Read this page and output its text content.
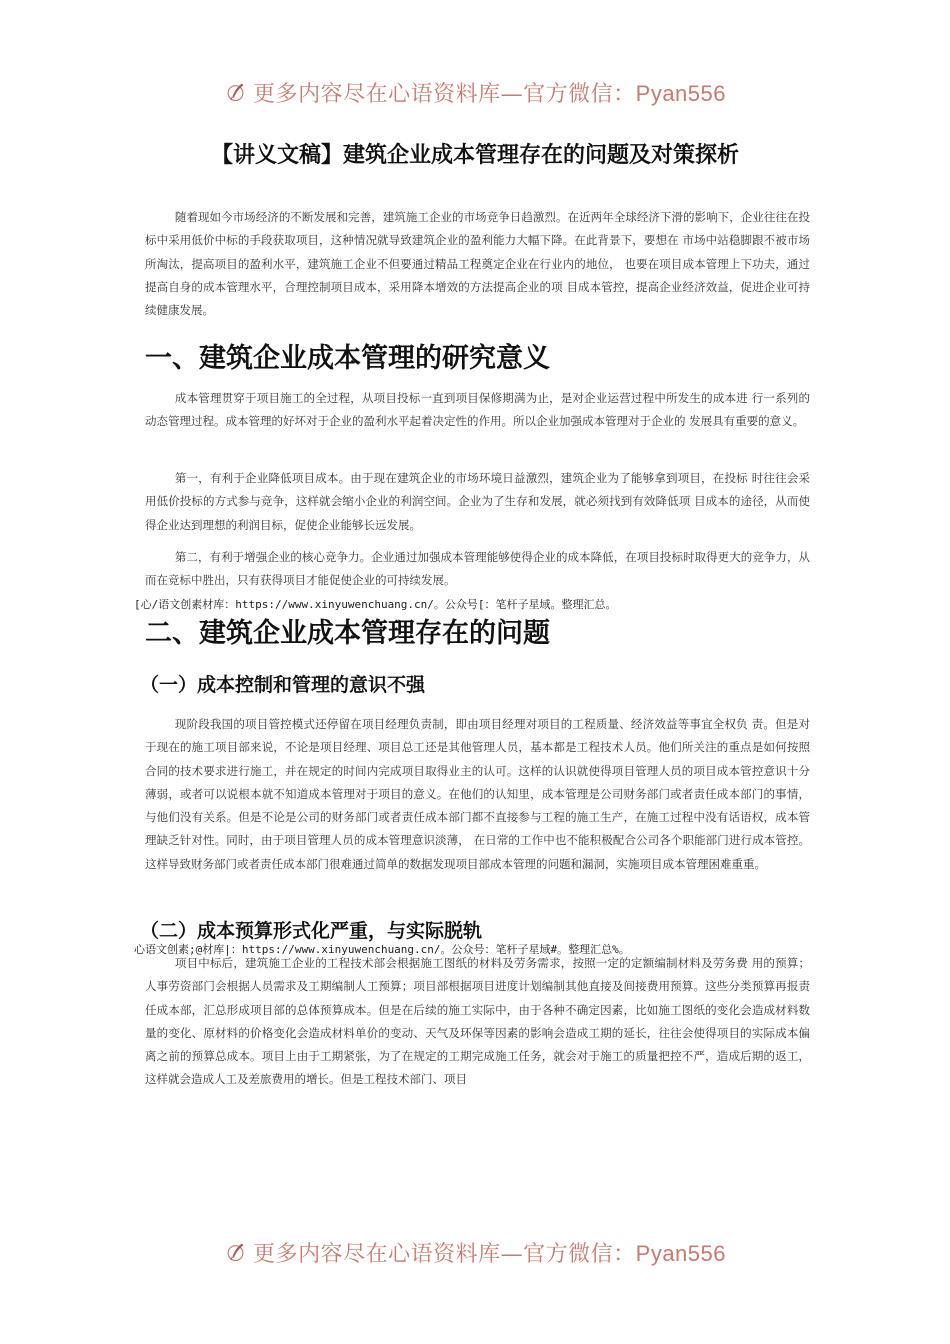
更多内容尽在心语资料库—官方微信：Pyan556
【讲义文稿】建筑企业成本管理存在的问题及对策探析

随着现如今市场经济的不断发展和完善，建筑施工企业的市场竞争日趋激烈。在近两年全球经济下滑的影响下，企业往往在投标中采用低价中标的手段获取项目，这种情况就导致建筑企业的盈利能力大幅下降。在此背景下，要想在 市场中站稳脚跟不被市场所淘汰，提高项目的盈利水平，建筑施工企业不但要通过精品工程奠定企业在行业内的地位， 也要在项目成本管理上下功夫，通过提高自身的成本管理水平，合理控制项目成本，采用降本增效的方法提高企业的项 目成本管控，提高企业经济效益，促进企业可持续健康发展。

一、建筑企业成本管理的研究意义

成本管理贯穿于项目施工的全过程，从项目投标一直到项目保修期满为止，是对企业运营过程中所发生的成本进 行一系列的动态管理过程。成本管理的好坏对于企业的盈利水平起着决定性的作用。所以企业加强成本管理对于企业的 发展具有重要的意义。

第一，有利于企业降低项目成本。由于现在建筑企业的市场环境日益激烈，建筑企业为了能够拿到项目，在投标 时往往会采用低价投标的方式参与竞争，这样就会缩小企业的利润空间。企业为了生存和发展，就必须找到有效降低项 目成本的途径，从而使得企业达到理想的利润目标，促使企业能够长远发展。

第二，有利于增强企业的核心竞争力。企业通过加强成本管理能够使得企业的成本降低，在项目投标时取得更大的竞争力，从而在竞标中胜出，只有获得项目才能促使企业的可持续发展。

[心/语文创素材库：https://www.xinyuwenchuang.cn/。公众号[：笔杆子星域。整理汇总。
二、建筑企业成本管理存在的问题
（一）成本控制和管理的意识不强

现阶段我国的项目管控模式还停留在项目经理负责制，即由项目经理对项目的工程质量、经济效益等事宜全权负 责。但是对于现在的施工项目部来说，不论是项目经理、项目总工还是其他管理人员，基本都是工程技术人员。他们所关注的重点是如何按照合同的技术要求进行施工，并在规定的时间内完成项目取得业主的认可。这样的认识就使得项目管理人员的项目成本管控意识十分薄弱，或者可以说根本就不知道成本管理对于项目的意义。在他们的认知里，成本管理是公司财务部门或者责任成本部门的事情，与他们没有关系。但是不论是公司的财务部门或者责任成本部门都不直接参与工程的施工生产，在施工过程中没有话语权，成本管理缺乏针对性。同时，由于项目管理人员的成本管理意识淡薄， 在日常的工作中也不能积极配合公司各个职能部门进行成本管控。这样导致财务部门或者责任成本部门很难通过简单的数据发现项目部成本管理的问题和漏洞，实施项目成本管理困难重重。

（二）成本预算形式化严重，与实际脱轨
心语文创素;@材库|：https://www.xinyuwenchuang.cn/。公众号：笔杆子星域#。整理汇总%。

项目中标后，建筑施工企业的工程技术部会根据施工图纸的材料及劳务需求，按照一定的定额编制材料及劳务费 用的预算；人事劳资部门会根据人员需求及工期编制人工预算；项目部根据项目进度计划编制其他直接及间接费用预算。这些分类预算再报责任成本部，汇总形成项目部的总体预算成本。但是在后续的施工实际中，由于各种不确定因素，比如施工图纸的变化会造成材料数量的变化、原材料的价格变化会造成材料单价的变动、天气及环保等因素的影响会造成工期的延长，往往会使得项目的实际成本偏离之前的预算总成本。项目上由于工期紧张，为了在规定的工期完成施工任务，就会对于施工的质量把控不严，造成后期的返工，这样就会造成人工及差旅费用的增长。但是工程技术部门、项目

更多内容尽在心语资料库—官方微信：Pyan556
